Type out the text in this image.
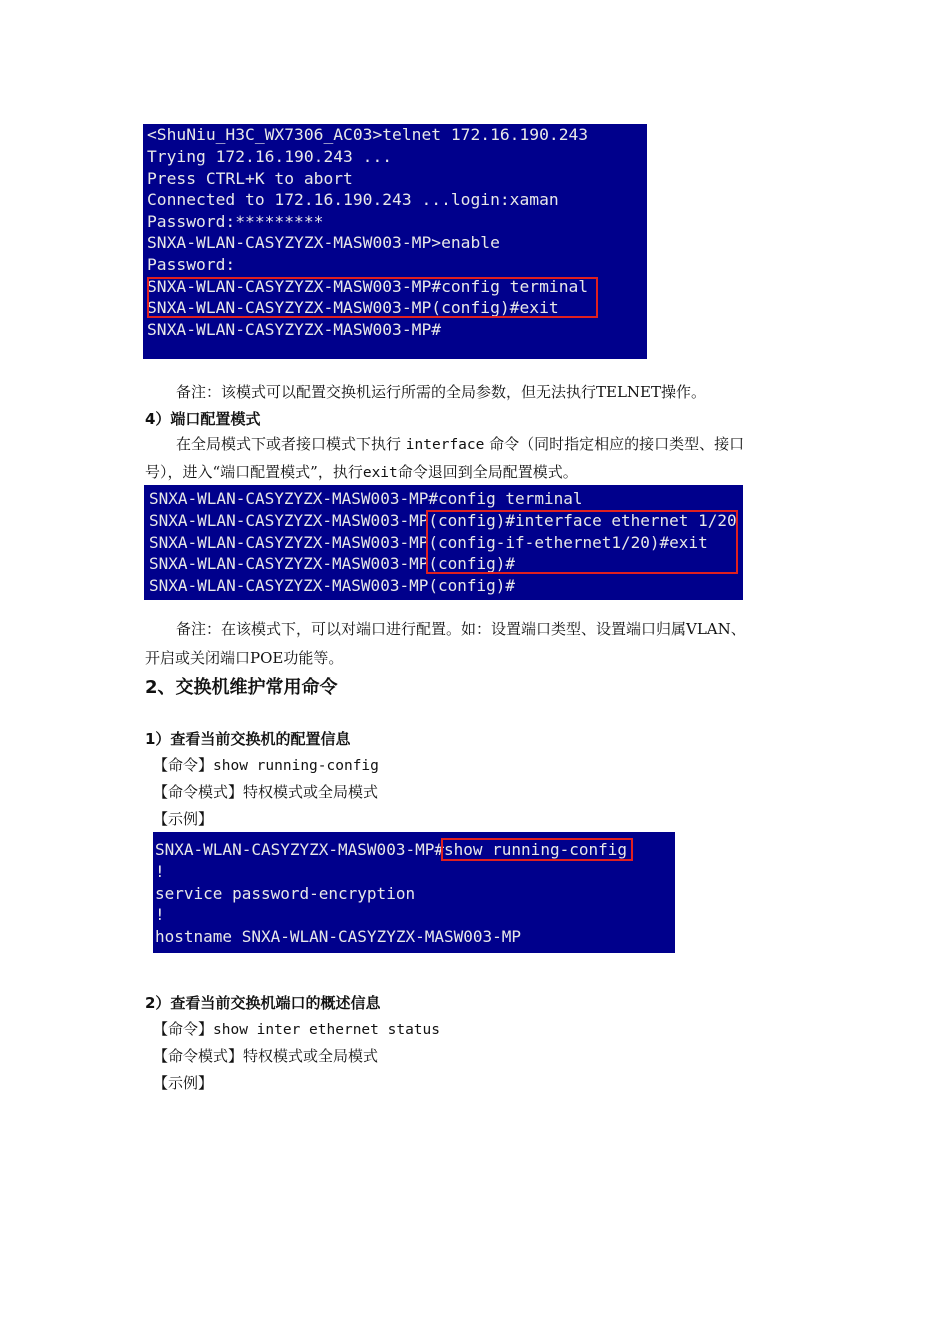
<ShuNiu_H3C_WX7306_AC03>telnet 172.16.190.243
Trying 172.16.190.243 ...
Press CTRL+K to abort
Connected to 172.16.190.243 ...login:xaman
Password:*********
SNXA-WLAN-CASYZYZX-MASW003-MP>enable
Password:
SNXA-WLAN-CASYZYZX-MASW003-MP#config terminal
SNXA-WLAN-CASYZYZX-MASW003-MP(config)#exit
SNXA-WLAN-CASYZYZX-MASW003-MP#
备注：该模式可以配置交换机运行所需的全局参数，但无法执行TELNET操作。
4）端口配置模式
在全局模式下或者接口模式下执行 interface 命令（同时指定相应的接口类型、接口
号），进入“端口配置模式”，执行exit命令退回到全局配置模式。
SNXA-WLAN-CASYZYZX-MASW003-MP#config terminal
SNXA-WLAN-CASYZYZX-MASW003-MP(config)#interface ethernet 1/20
SNXA-WLAN-CASYZYZX-MASW003-MP(config-if-ethernet1/20)#exit
SNXA-WLAN-CASYZYZX-MASW003-MP(config)#
SNXA-WLAN-CASYZYZX-MASW003-MP(config)#
备注：在该模式下，可以对端口进行配置。如：设置端口类型、设置端口归属VLAN、
开启或关闭端口POE功能等。
2、交换机维护常用命令
1）查看当前交换机的配置信息
【命令】show running-config
【命令模式】特权模式或全局模式
【示例】
SNXA-WLAN-CASYZYZX-MASW003-MP#show running-config
!
service password-encryption
!
hostname SNXA-WLAN-CASYZYZX-MASW003-MP
2）查看当前交换机端口的概述信息
【命令】show inter ethernet status
【命令模式】特权模式或全局模式
【示例】
